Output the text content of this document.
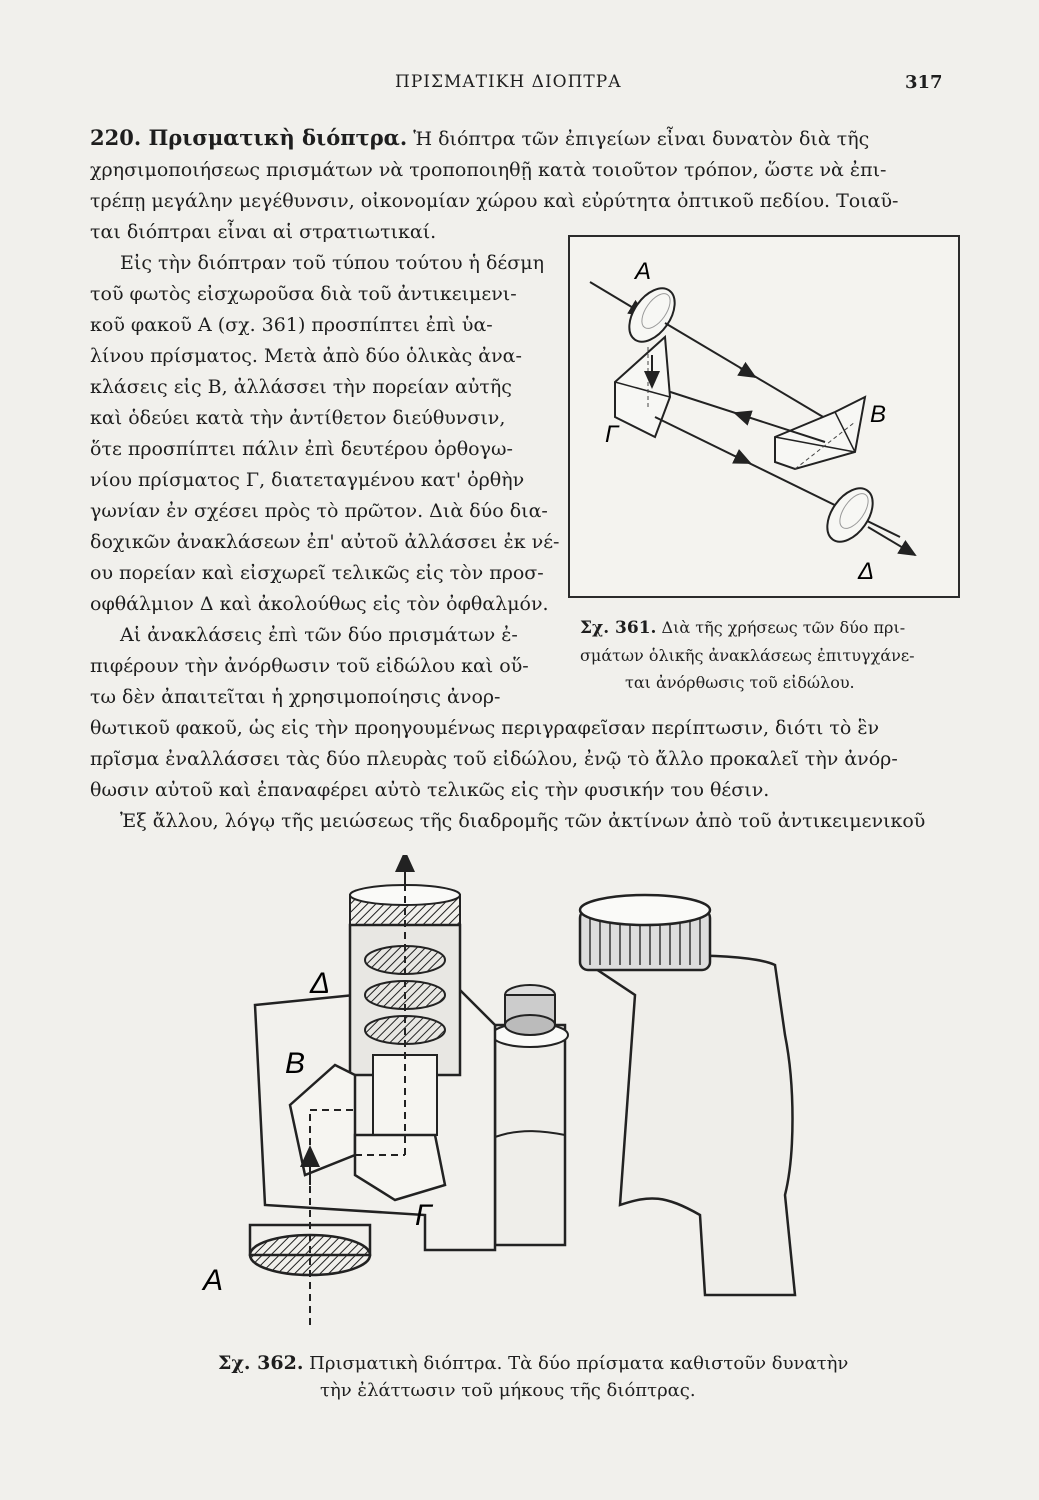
ΠΡΙΣΜΑΤΙΚΗ ΔΙΟΠΤΡΑ	317
220. Πρισματικὴ διόπτρα. Ἡ διόπτρα τῶν ἐπιγείων εἶναι δυνατὸν διὰ τῆς
χρησιμοποιήσεως πρισμάτων νὰ τροποποιηθῇ κατὰ τοιοῦτον τρόπον, ὥστε νὰ ἐπι-
τρέπῃ μεγάλην μεγέθυνσιν, οἰκονομίαν χώρου καὶ εὐρύτητα ὀπτικοῦ πεδίου. Τοιαῦ-
ται διόπτραι εἶναι αἱ στρατιωτικαί.
Εἰς τὴν διόπτραν τοῦ τύπου τούτου ἡ δέσμη
τοῦ φωτὸς εἰσχωροῦσα διὰ τοῦ ἀντικειμενι-
κοῦ φακοῦ Α (σχ. 361) προσπίπτει ἐπὶ ὑα-
λίνου πρίσματος. Μετὰ ἀπὸ δύο ὁλικὰς ἀνα-
κλάσεις εἰς Β, ἀλλάσσει τὴν πορείαν αὐτῆς
καὶ ὁδεύει κατὰ τὴν ἀντίθετον διεύθυνσιν,
ὅτε προσπίπτει πάλιν ἐπὶ δευτέρου ὀρθογω-
νίου πρίσματος Γ, διατεταγμένου κατ' ὀρθὴν
γωνίαν ἐν σχέσει πρὸς τὸ πρῶτον. Διὰ δύο δια-
δοχικῶν ἀνακλάσεων ἐπ' αὐτοῦ ἀλλάσσει ἐκ νέ-
ου πορείαν καὶ εἰσχωρεῖ τελικῶς εἰς τὸν προσ-
οφθάλμιον Δ καὶ ἀκολούθως εἰς τὸν ὀφθαλμόν.
Αἱ ἀνακλάσεις ἐπὶ τῶν δύο πρισμάτων ἐ-
πιφέρουν τὴν ἀνόρθωσιν τοῦ εἰδώλου καὶ οὕ-
τω δὲν ἀπαιτεῖται ἡ χρησιμοποίησις ἀνορ-
θωτικοῦ φακοῦ, ὡς εἰς τὴν προηγουμένως περιγραφεῖσαν περίπτωσιν, διότι τὸ ἓν
πρῖσμα ἐναλλάσσει τὰς δύο πλευρὰς τοῦ εἰδώλου, ἐνῷ τὸ ἄλλο προκαλεῖ τὴν ἀνόρ-
θωσιν αὐτοῦ καὶ ἐπαναφέρει αὐτὸ τελικῶς εἰς τὴν φυσικήν του θέσιν.
Ἐξ ἄλλου, λόγῳ τῆς μειώσεως τῆς διαδρομῆς τῶν ἀκτίνων ἀπὸ τοῦ ἀντικειμενικοῦ
A
B
Γ
Δ
Σχ. 361. Διὰ τῆς χρήσεως τῶν δύο πρι-
σμάτων ὁλικῆς ἀνακλάσεως ἐπιτυγχάνε-
ται ἀνόρθωσις τοῦ εἰδώλου.
Δ
B
A
Γ
Σχ. 362. Πρισματικὴ διόπτρα. Τὰ δύο πρίσματα καθιστοῦν δυνατὴν
τὴν ἐλάττωσιν τοῦ μήκους τῆς διόπτρας.
